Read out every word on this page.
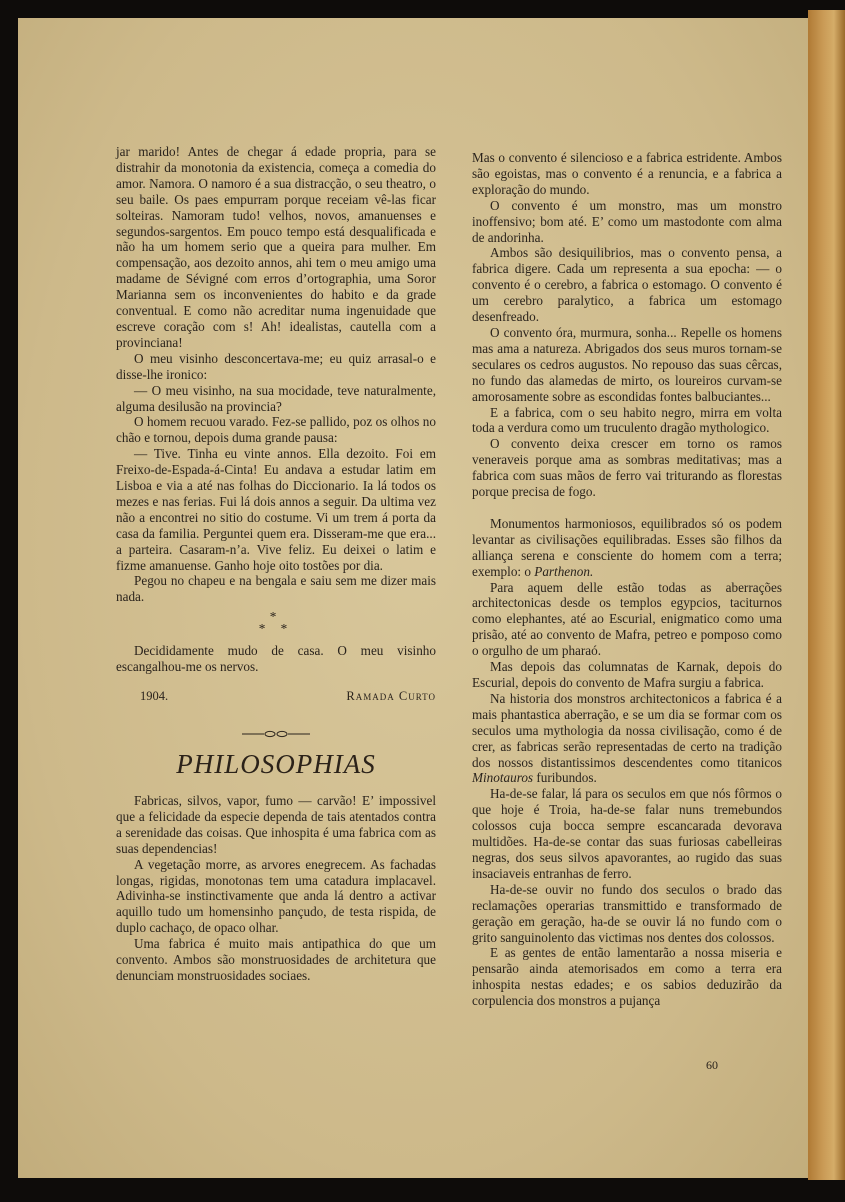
jar marido! Antes de chegar á edade propria, para se distrahir da monotonia da existencia, começa a comedia do amor. Namora. O namoro é a sua distracção, o seu theatro, o seu baile. Os paes empurram porque receiam vê-las ficar solteiras. Namoram tudo! velhos, novos, amanuenses e segundos-sargentos. Em pouco tempo está desqualificada e não ha um homem serio que a queira para mulher. Em compensação, aos dezoito annos, ahi tem o meu amigo uma madame de Sévigné com erros d’ortographia, uma Soror Marianna sem os inconvenientes do habito e da grade conventual. E como não acreditar numa ingenuidade que escreve coração com s! Ah! idealistas, cautella com a provinciana!

O meu visinho desconcertava-me; eu quiz arrasal-o e disse-lhe ironico:

— O meu visinho, na sua mocidade, teve naturalmente, alguma desilusão na provincia?

O homem recuou varado. Fez-se pallido, poz os olhos no chão e tornou, depois duma grande pausa:

— Tive. Tinha eu vinte annos. Ella dezoito. Foi em Freixo-de-Espada-á-Cinta! Eu andava a estudar latim em Lisboa e via a até nas folhas do Diccionario. Ia lá todos os mezes e nas ferias. Fui lá dois annos a seguir. Da ultima vez não a encontrei no sitio do costume. Vi um trem á porta da casa da familia. Perguntei quem era. Disseram-me que era... a parteira. Casaram-n’a. Vive feliz. Eu deixei o latim e fizme amanuense. Ganho hoje oito tostões por dia.

Pegou no chapeu e na bengala e saiu sem me dizer mais nada.

*
* *

Decididamente mudo de casa. O meu visinho escangalhou-me os nervos.

1904.	Ramada Curto
PHILOSOPHIAS

Fabricas, silvos, vapor, fumo — carvão! E’ impossivel que a felicidade da especie dependa de tais atentados contra a serenidade das coisas. Que inhospita é uma fabrica com as suas dependencias!

A vegetação morre, as arvores enegrecem. As fachadas longas, rigidas, monotonas tem uma catadura implacavel. Adivinha-se instinctivamente que anda lá dentro a activar aquillo tudo um homensinho pançudo, de testa rispida, de duplo cachaço, de opaco olhar.

Uma fabrica é muito mais antipathica do que um convento. Ambos são monstruosidades de architetura que denunciam monstruosidades sociaes.

Mas o convento é silencioso e a fabrica estridente. Ambos são egoistas, mas o convento é a renuncia, e a fabrica a exploração do mundo.

O convento é um monstro, mas um monstro inoffensivo; bom até. E’ como um mastodonte com alma de andorinha.

Ambos são desiquilibrios, mas o convento pensa, a fabrica digere. Cada um representa a sua epocha: — o convento é o cerebro, a fabrica o estomago. O convento é um cerebro paralytico, a fabrica um estomago desenfreado.

O convento óra, murmura, sonha... Repelle os homens mas ama a natureza. Abrigados dos seus muros tornam-se seculares os cedros augustos. No repouso das suas cêrcas, no fundo das alamedas de mirto, os loureiros curvam-se amorosamente sobre as escondidas fontes balbuciantes...

E a fabrica, com o seu habito negro, mirra em volta toda a verdura como um truculento dragão mythologico.

O convento deixa crescer em torno os ramos veneraveis porque ama as sombras meditativas; mas a fabrica com suas mãos de ferro vai triturando as florestas porque precisa de fogo.

Monumentos harmoniosos, equilibrados só os podem levantar as civilisações equilibradas. Esses são filhos da alliança serena e consciente do homem com a terra; exemplo: o Parthenon.

Para aquem delle estão todas as aberrações architectonicas desde os templos egypcios, taciturnos como elephantes, até ao Escurial, enigmatico como uma prisão, até ao convento de Mafra, petreo e pomposo como o orgulho de um pharaó.

Mas depois das columnatas de Karnak, depois do Escurial, depois do convento de Mafra surgiu a fabrica.

Na historia dos monstros architectonicos a fabrica é a mais phantastica aberração, e se um dia se formar com os seculos uma mythologia da nossa civilisação, como é de crer, as fabricas serão representadas de certo na tradição dos nossos distantissimos descendentes como titanicos Minotauros furibundos.

Ha-de-se falar, lá para os seculos em que nós fôrmos o que hoje é Troia, ha-de-se falar nuns tremebundos colossos cuja bocca sempre escancarada devorava multidões. Ha-de-se contar das suas furiosas cabelleiras negras, dos seus silvos apavorantes, ao rugido das suas insaciaveis entranhas de ferro.

Ha-de-se ouvir no fundo dos seculos o brado das reclamações operarias transmittido e transformado de geração em geração, ha-de se ouvir lá no fundo com o grito sanguinolento das victimas nos dentes dos colossos.

E as gentes de então lamentarão a nossa miseria e pensarão ainda atemorisados em como a terra era inhospita nestas edades; e os sabios deduzirão da corpulencia dos monstros a pujança

60
